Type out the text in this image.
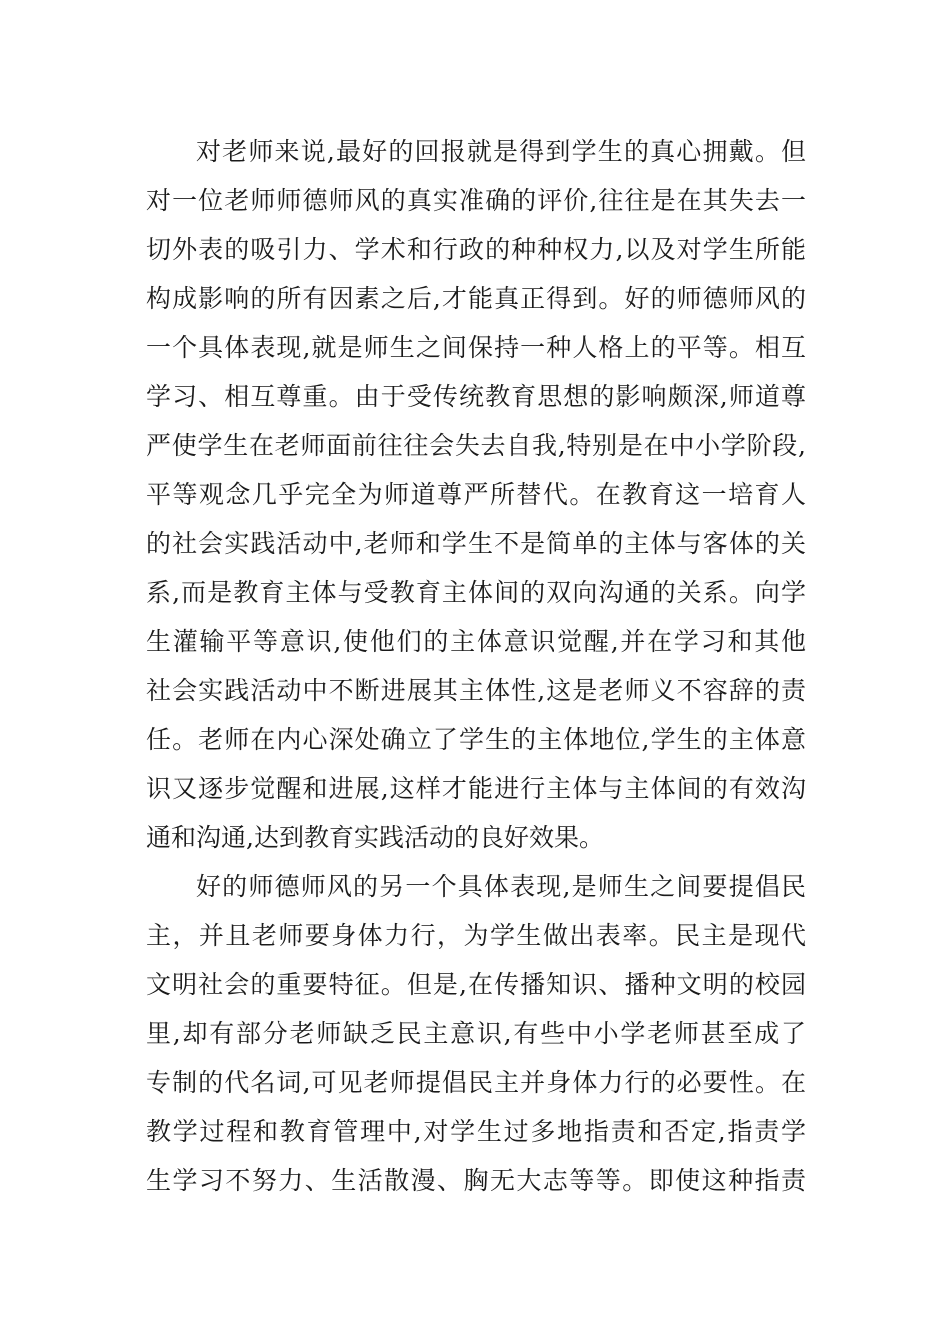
对老师来说,最好的回报就是得到学生的真心拥戴。但
对一位老师师德师风的真实准确的评价,往往是在其失去一
切外表的吸引力、学术和行政的种种权力,以及对学生所能
构成影响的所有因素之后,才能真正得到。好的师德师风的
一个具体表现,就是师生之间保持一种人格上的平等。相互
学习、相互尊重。由于受传统教育思想的影响颇深,师道尊
严使学生在老师面前往往会失去自我,特别是在中小学阶段,
平等观念几乎完全为师道尊严所替代。在教育这一培育人
的社会实践活动中,老师和学生不是简单的主体与客体的关
系,而是教育主体与受教育主体间的双向沟通的关系。向学
生灌输平等意识,使他们的主体意识觉醒,并在学习和其他
社会实践活动中不断进展其主体性,这是老师义不容辞的责
任。老师在内心深处确立了学生的主体地位,学生的主体意
识又逐步觉醒和进展,这样才能进行主体与主体间的有效沟
通和沟通,达到教育实践活动的良好效果。
好的师德师风的另一个具体表现,是师生之间要提倡民
主，并且老师要身体力行，为学生做出表率。民主是现代
文明社会的重要特征。但是,在传播知识、播种文明的校园
里,却有部分老师缺乏民主意识,有些中小学老师甚至成了
专制的代名词,可见老师提倡民主并身体力行的必要性。在
教学过程和教育管理中,对学生过多地指责和否定,指责学
生学习不努力、生活散漫、胸无大志等等。即使这种指责
